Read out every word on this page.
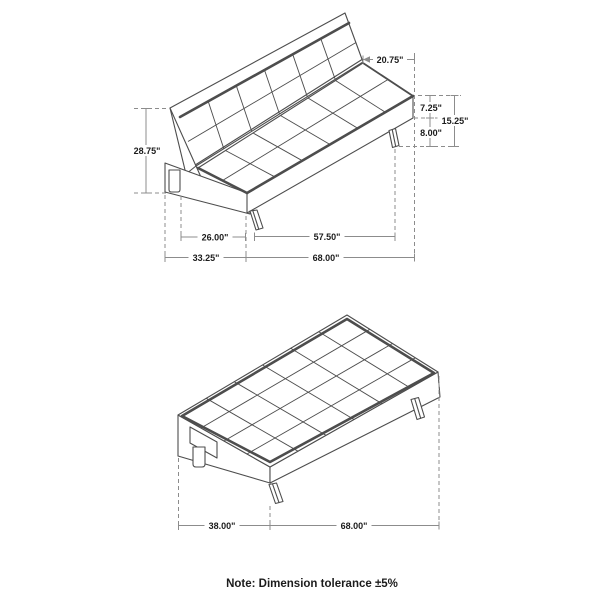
20.75"
7.25"
15.25"
8.00"
28.75"
26.00"	57.50"
33.25"	68.00"
38.00"	68.00"
Note: Dimension tolerance ±5%
